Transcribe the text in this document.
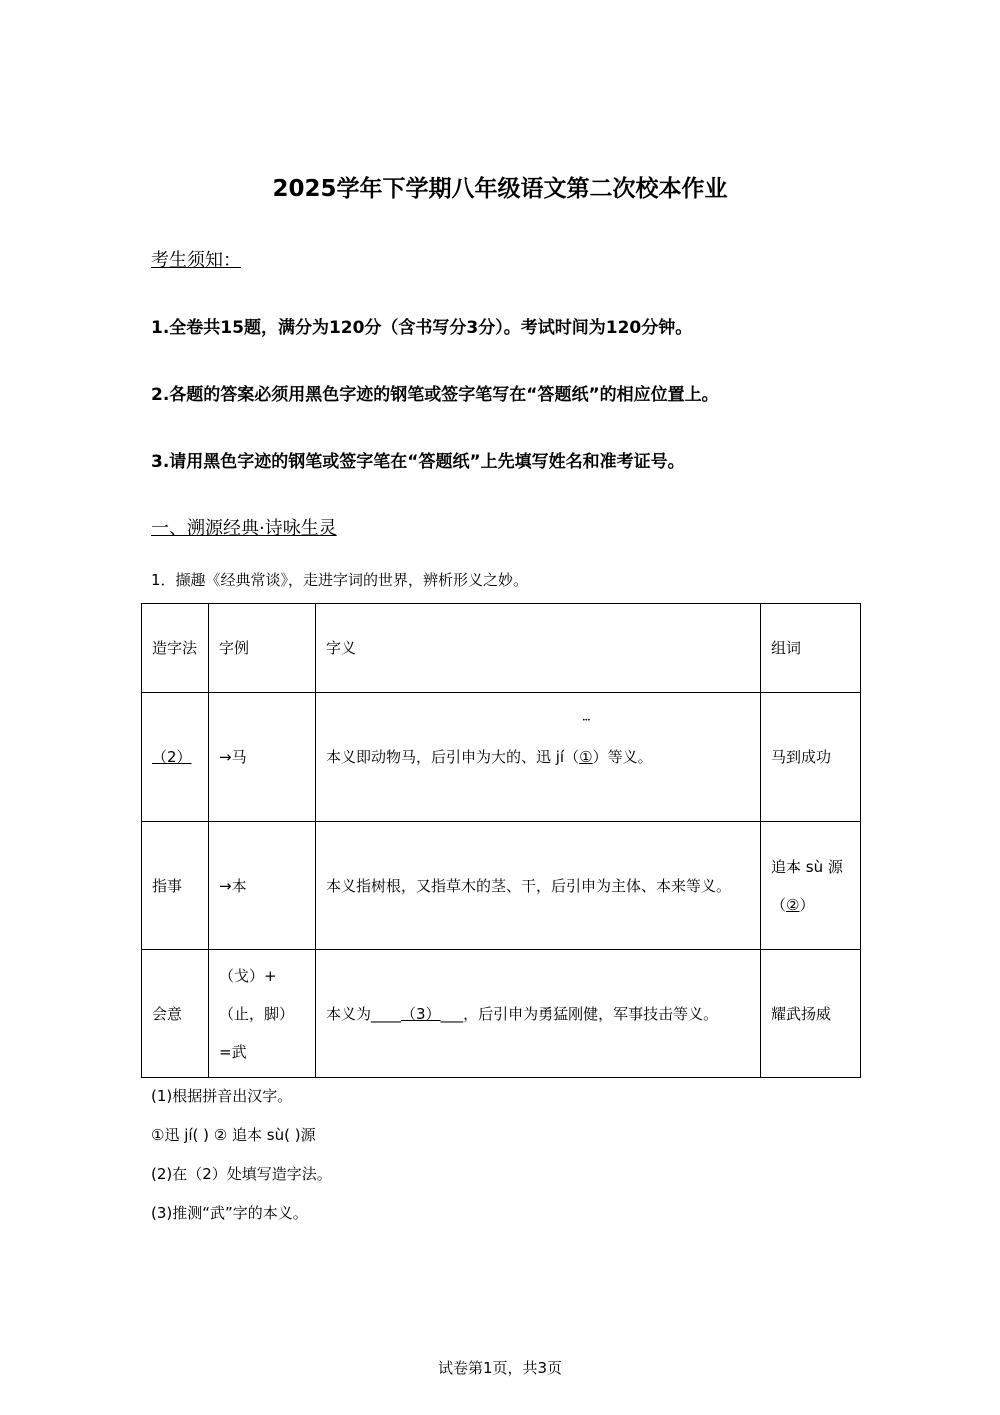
2025学年下学期八年级语文第二次校本作业
考生须知：
1.全卷共15题，满分为120分（含书写分3分）。考试时间为120分钟。
2.各题的答案必须用黑色字迹的钢笔或签字笔写在“答题纸”的相应位置上。
3.请用黑色字迹的钢笔或签字笔在“答题纸”上先填写姓名和准考证号。
一、溯源经典·诗咏生灵
1．撷趣《经典常谈》，走进字词的世界，辨析形义之妙。
造字法	字例	字义	组词
（2）	→马	本义即动物马，后引申为大的、迅 jí（••• ①）等义。	马到成功
指事	→本	本义指树根，又指草木的茎、干，后引申为主体、本来等义。	追本 sù 源（••• ②）
会意	（戈）+（止，脚）=武	本义为____（3）___，后引申为勇猛刚健，军事技击等义。	耀武扬威
(1)根据拼音出汉字。
①迅 jí( ) ② 追本 sù( )源
(2)在（2）处填写造字法。
(3)推测“武”字的本义。
试卷第1页，共3页
